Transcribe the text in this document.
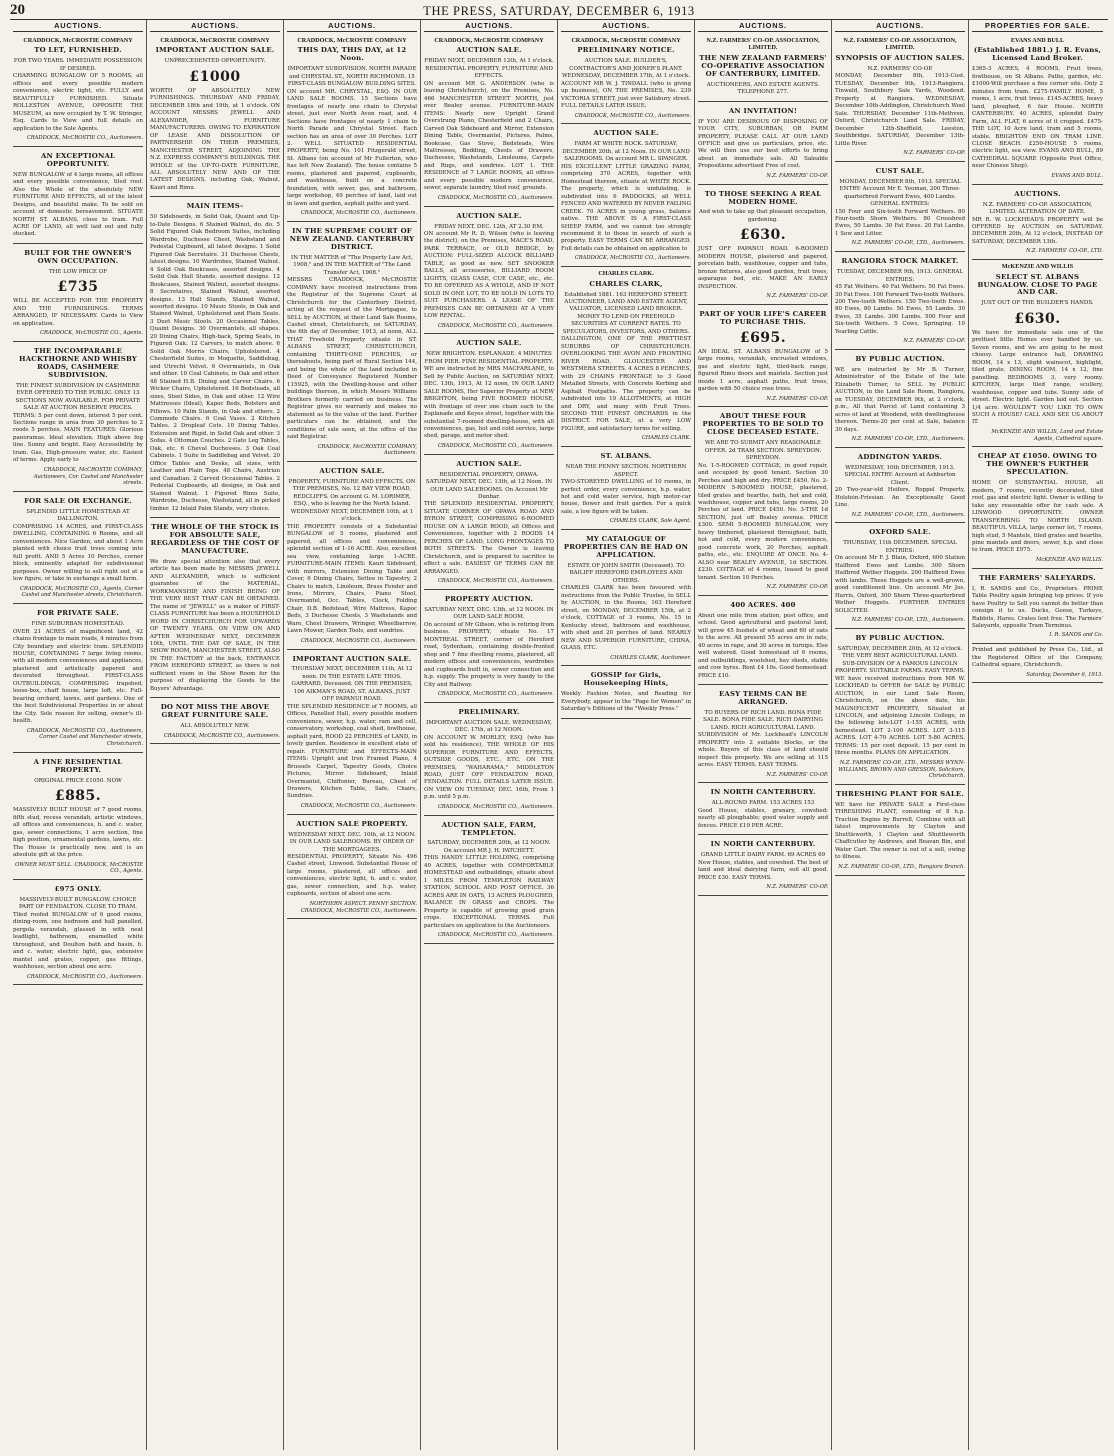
20	THE PRESS, SATURDAY, DECEMBER 6, 1913
AUCTIONS.
CRADDOCK, McCROSTIE COMPANY
TO LET, FURNISHED.
FOR TWO YEARS. IMMEDIATE POSSESSION IF DESIRED.
CHARMING BUNGALOW OF 5 ROOMS, all offices and every possible modern convenience, electric light, etc. FULLY and BEAUTIFULLY FURNISHED. Situate ROLLESTON AVENUE, OPPOSITE THE MUSEUM, as now occupied by T. W. Stringer, Esq. Cards to View and full details on application to the Sole Agents.
CRADDOCK, McCROSTIE CO., Auctioneers.
AN EXCEPTIONAL OPPORTUNITY.
NEW BUNGALOW of 4 large rooms, all offices and every possible convenience, tiled roof. Also the Whole of the absolutely NEW FURNITURE AND EFFECTS, all of the latest Designs, and beautiful make. To be sold on account of domestic bereavement. SITUATE NORTH ST. ALBANS, close to tram. Full ACRE OF LAND, all well laid out and fully stocked.
BUILT FOR THE OWNER'S OWN OCCUPATION.
THE LOW PRICE OF
£735
WILL BE ACCEPTED FOR THE PROPERTY AND THE FURNISHINGS. TERMS ARRANGED, IF NECESSARY. Cards to View on application.
CRADDOCK, McCROSTIE CO., Agents.
THE INCOMPARABLE HACKTHORNE AND WHISBY ROADS, CASHMERE SUBDIVISION.
THE FINEST SUBDIVISION IN CASHMERE EVER OFFERED TO THE PUBLIC. ONLY 13 SECTIONS NOW AVAILABLE. FOR PRIVATE SALE AT AUCTION RESERVE PRICES.
TERMS: 5 per cent down, interest 5 per cent. Sections range in area from 30 perches to 2 roods 5 perches. MAIN FEATURES: Glorious panoramas. Ideal elevation. High above fog line. Sunny and bright. Easy Accessibility by tram. Gas, High-pressure water, etc. Easiest of terms. Apply early to
CRADDOCK, McCROSTIE COMPANY, Auctioneers, Cor. Cashel and Manchester streets.
FOR SALE OR EXCHANGE.
SPLENDID LITTLE HOMESTEAD AT DALLINGTON.
COMPRISING 14 ACRES, and FIRST-CLASS DWELLING, CONTAINING 6 Rooms, and all conveniences. Nice Garden, and about 1 Acre planted with choice fruit trees coming into full profit. AND 5 Acres 10 Perches, corner block, eminently adapted for subdivisional purposes. Owner willing to sell right out at a low figure, or take in exchange a small farm.
CRADDOCK, McCROSTIE CO., Agents, Corner Cashel and Manchester streets, Christchurch.
FOR PRIVATE SALE.
FINE SUBURBAN HOMESTEAD.
OVER 21 ACRES of magnificent land, 42 chains frontage to main roads, 4 minutes from City boundary and electric tram. SPLENDID HOUSE, CONTAINING 7 large living rooms, with all modern conveniences and appliances, plastered and artistically papered and decorated throughout. FIRST-CLASS OUTBUILDINGS, COMPRISING trapshed, loose-box, chaff house, large loft, etc. Full-bearing orchard, lawns, and gardens. One of the best Subdivisional Properties in or about the City. Sole reason for selling, owner's ill-health.
CRADDOCK, McCROSTIE CO., Auctioneers, Corner Cashel and Manchester streets, Christchurch.
A FINE RESIDENTIAL PROPERTY.
ORIGINAL PRICE £1050. NOW
£885.
MASSIVELY BUILT HOUSE of 7 good rooms, fifth stud, recess verandah, artistic windows, all offices and conveniences, h. and c. water, gas, sewer connections, 1 acre section, fine high position, ornamental gardens, lawns, etc. The House is practically new, and is an absolute gift at the price.
OWNER MUST SELL. CRADDOCK, McCROSTIE CO., Agents.
£975 ONLY.
MASSIVELY-BUILT BUNGALOW. CHOICE PART OF FENDALTON. CLOSE TO TRAM.
Tiled roofed BUNGALOW of 6 good rooms, dining-room, one bedroom and hall panelled, pergola verandah, glassed in with neat leadlight, bathroom, enamelled white throughout, and Doulton bath and basin, h. and c. water, electric light, gas, extensive mantel and grates, copper, gas fittings, washhouse, section about one acre.
CRADDOCK, McCROSTIE CO., Auctioneers.
AUCTIONS.
CRADDOCK, McCROSTIE COMPANY
IMPORTANT AUCTION SALE.
UNPRECEDENTED OPPORTUNITY.
£1000
WORTH OF ABSOLUTELY NEW FURNISHINGS. THURSDAY AND FRIDAY, DECEMBER 18th and 19th, at 1 o'clock. ON ACCOUNT MESSRS JEWELL AND ALEXANDER, FURNITURE MANUFACTURERS. OWING TO EXPIRATION OF LEASE AND DISSOLUTION OF PARTNERSHIP. ON THEIR PREMISES, MANCHESTER STREET, ADJOINING THE N.Z. EXPRESS COMPANY'S BUILDINGS. THE WHOLE of the UP-TO-DATE FURNITURE, ALL ABSOLUTELY NEW AND OF THE LATEST DESIGNS, including Oak, Walnut, Kauri and Rimu.
MAIN ITEMS-
50 Sideboards, in Solid Oak, Quaint and Up-to-Date Designs. 6 Stained Walnut, do. do. 5 Solid Figured Oak Bedroom Suites, including Wardrobe, Duchesse Chest, Washstand and Pedestal Cupboard, all latest designs. 1 Solid Figured Oak Secretaire. 31 Duchesse Chests, latest designs. 10 Wardrobes, Stained Walnut. 4 Solid Oak Bookcases, assorted designs. 4 Solid Oak Hall Stands, assorted designs. 12 Bookcases, Stained Walnut, assorted designs. 8 Secretaires, Stained Walnut, assorted designs. 13 Hall Stands, Stained Walnut, assorted designs. 10 Music Stools, in Oak and Stained Walnut, Upholstered and Plain Seats. 3 Duet Music Stools. 20 Occasional Tables, Quaint Designs. 30 Overmantels, all shapes. 20 Dining Chairs, High-back, Spring Seats, in Figured Oak. 12 Carvers, to match above. 6 Solid Oak Morris Chairs, Upholstered. 4 Chesterfield Suites, in Moquette, Saddlebag, and Utrecht Velvet. 6 Overmantels, in Oak and other. 10 Coal Cabinets, in Oak and other. 48 Stained H.B. Dining and Carver Chairs. 6 Wicker Chairs, Upholstered. 16 Bedsteads, all sizes, Steel Sides, in Oak and other. 12 Wire Mattresses (Ideal), Kapoc Beds, Bolsters and Pillows. 10 Palm Stands, in Oak and others. 2 Commode Chairs. 6 Coal Vases. 2 Kitchen Tables. 2 Dropleaf Cots. 10 Dining Tables, Extension and Rigid, in Solid Oak and other. 3 Sofas. 4 Ottoman Couches. 2 Gate Leg Tables, Oak, etc. 6 Cheval Duchesses. 3 Oak Coal Cabinets. 1 Suite in Saddlebag and Velvet. 20 Office Tables and Desks, all sizes, with Leather and Plain Tops. 48 Chairs, Austrian and Canadian. 2 Carved Occasional Tables. 2 Pedestal Cupboards, all designs, in Oak and Stained Walnut. 1 Figured Rimu Suite, Wardrobe, Duchesse, Washstand, all in picked timber. 12 Inlaid Palm Stands, very choice.
THE WHOLE OF THE STOCK IS FOR ABSOLUTE SALE, REGARDLESS OF THE COST OF MANUFACTURE.
We draw special attention also that every article has been made by MESSRS JEWELL AND ALEXANDER, which is sufficient guarantee of the MATERIAL, WORKMANSHIP, AND FINISH BEING OF THE VERY BEST THAT CAN BE OBTAINED. The name of "JEWELL" as a maker of FIRST-CLASS FURNITURE has been a HOUSEHOLD WORD IN CHRISTCHURCH FOR UPWARDS OF TWENTY YEARS. ON VIEW ON AND AFTER WEDNESDAY NEXT, DECEMBER 10th, UNTIL THE DAY OF SALE, IN THE SHOW ROOM, MANCHESTER STREET, ALSO IN THE FACTORY at the back, ENTRANCE FROM HEREFORD STREET, as there is not sufficient room in the Show Room for the purpose of displaying the Goods to the Buyers' Advantage.
DO NOT MISS THE ABOVE GREAT FURNITURE SALE.
ALL ABSOLUTELY NEW.
CRADDOCK, McCROSTIE CO., Auctioneers.
AUCTIONS.
CRADDOCK, McCROSTIE COMPANY
THIS DAY, THIS DAY, at 12 Noon.
IMPORTANT SUBDIVISION. NORTH PARADE and CHRYSTAL ST., NORTH RICHMOND. 15 FIRST-CLASS BUNGALOW BUILDING SITES.
ON account MR. CHRYSTAL, ESQ. IN OUR LAND SALE ROOMS. 15 Sections have frontages of nearly one chain to Chrystal street, just over North Avon road, and. 4 Sections have frontages of nearly 1 chain to North Parade and Chrystal Street. Each section has an area of over 30 Perches. LOT 2. WELL SITUATED RESIDENTIAL PROPERTY, being No. 101 Fitzgerald street, St. Albans (on account of Mr Fullerton, who has left New Zealand). The house contains 5 rooms, plastered and papered, cupboards, and washhouse, built on a concrete foundation, with sewer, gas, and bathroom, large workshop, 49 perches of land, laid out in lawn and garden, asphalt paths and yard.
CRADDOCK, McCROSTIE CO., Auctioneers.
IN THE SUPREME COURT OF NEW ZEALAND. CANTERBURY DISTRICT.
IN THE MATTER of "The Property Law Act, 1908," and IN THE MATTER of "The Land Transfer Act, 1908."
MESSRS CRADDOCK, McCROSTIE COMPANY have received instructions from the Registrar of the Supreme Court at Christchurch for the Canterbury District, acting at the request of the Mortgagee, to SELL by AUCTION, at their Land Sale Rooms, Cashel street, Christchurch, on SATURDAY, the 6th day of December, 1913, at noon, ALL THAT Freehold Property situate in ST. ALBANS STREET, CHRISTCHURCH, containing THIRTY-ONE PERCHES, or thereabouts, being part of Rural Section 144, and being the whole of the land included in Deed of Conveyance Registered Number 115925, with the Dwelling-house and other buildings thereon, in which Messrs Williams Brothers formerly carried on business. The Registrar gives no warranty and makes no statement as to the value of the land. Further particulars can be obtained, and the conditions of sale seen, at the office of the said Registrar.
CRADDOCK, McCROSTIE COMPANY, Auctioneers.
AUCTION SALE.
PROPERTY, FURNITURE AND EFFECTS, ON THE PREMISES, No. 12 BAY VIEW ROAD, REDCLIFFS. On account G. M. LORIMER, ESQ., who is leaving for the North Island. WEDNESDAY NEXT, DECEMBER 10th, at 1 o'clock.
THE PROPERTY consists of a Substantial BUNGALOW of 5 rooms, plastered and papered, all offices and conveniences, splendid section of 1-16 ACRE. Also, excellent sea view, containing large 1-ACRE. FURNITURE-MAIN ITEMS: Kauri Sideboard, with mirrors, Extension Dining Table and Cover, 6 Dining Chairs, Settee in Tapestry, 2 Chairs to match, Linoleum, Brass Fender and Irons, Mirrors, Chairs, Piano Stool, Overmantel, Occ. Tables, Clock, Folding Chair, D.B. Bedstead, Wire Mattress, Kapoc Beds, 3 Duchesse Chests, 3 Washstands and Ware, Chest Drawers, Wringer, Wheelbarrow, Lawn Mower, Garden Tools, and sundries.
CRADDOCK, McCROSTIE CO., Auctioneers.
IMPORTANT AUCTION SALE.
THURSDAY NEXT, DECEMBER 11th, At 12 noon. IN THE ESTATE LATE THOS. GARRARD, Deceased. ON THE PREMISES, 106 AIKMAN'S ROAD, ST. ALBANS, JUST OFF PAPANUI ROAD.
THE SPLENDID RESIDENCE of 7 ROOMS, all Offices, Panelled Hall, every possible modern convenience, sewer, h.p. water, ram and cell, conservatory, workshop, coal shed, fowlhouse, asphalt yard, ROOD 22 PERCHES of LAND, in lovely garden. Residence in excellent state of repair. FURNITURE and EFFECTS-MAIN ITEMS: Upright and Iron Framed Piano, 4 Brussels Carpet, Tapestry Goods, Choice Pictures, Mirror Sideboard, Inlaid Overmantel, Chiffonier, Bureau, Chest of Drawers, Kitchen Table, Safe, Chairs, Sundries.
CRADDOCK, McCROSTIE CO., Auctioneers.
AUCTION SALE PROPERTY.
WEDNESDAY NEXT, DEC. 10th, at 12 NOON. IN OUR LAND SALEROOMS. BY ORDER OF THE MORTGAGEES.
RESIDENTIAL PROPERTY, Situate No. 496 Cashel street, Linwood. Substantial House of large rooms, plastered, all offices and conveniences, electric light, h. and c. water, gas, sewer connection, and h.p. water, cupboards, section of about one acre.
NORTHERN ASPECT. PENNY SECTION. CRADDOCK, McCROSTIE CO., Auctioneers.
AUCTIONS.
CRADDOCK, McCROSTIE COMPANY
AUCTION SALE.
FRIDAY NEXT, DECEMBER 12th, At 1 o'clock. RESIDENTIAL PROPERTY, FURNITURE AND EFFECTS.
ON account MR G. ANDERSON (who is leaving Christchurch), on the Premises, No. 466 MANCHESTER STREET NORTH, just over Bealey avenue. FURNITURE-MAIN ITEMS: Nearly new Upright Grand Overstrung Piano, Chesterfield and 2 Chairs, Carved Oak Sideboard and Mirror, Extension Dining Table, Overmantel, Pictures, Palms, Bookcase, Gas Stove, Bedsteads, Wire Mattresses, Bedding, Chests of Drawers, Duchesses, Washstands, Linoleums, Carpets and Rugs, and sundries. LOT 1. THE RESIDENCE of 7 LARGE ROOMS, all offices and every possible modern convenience, sewer, separate laundry, tiled roof, grounds.
CRADDOCK, McCROSTIE CO., Auctioneers.
AUCTION SALE.
FRIDAY NEXT, DEC. 12th, AT 2.30 P.M.
ON account Mr R. D. Wilson (who is leaving the district), on the Premises, MACE'S ROAD, PARK TERRACE, or OLD BRIDGE, by AUCTION: FULL-SIZED ALCOCK BILLIARD TABLE, as good as new. SET SNOOKER BALLS, all accessories, BILLIARD ROOM LIGHTS, GLASS CASE, CUE CASE, etc., etc. TO BE OFFERED AS A WHOLE, AND IF NOT SOLD IN ONE LOT, TO BE SOLD IN LOTS TO SUIT PURCHASERS. A LEASE OF THE PREMISES CAN BE OBTAINED AT A VERY LOW RENTAL.
CRADDOCK, McCROSTIE CO., Auctioneers.
AUCTION SALE.
NEW BRIGHTON. ESPLANADE. 4 MINUTES FROM PIER. FINE RESIDENTIAL PROPERTY.
WE are instructed by MRS MACFARLANE, to Sell by Public Auction, on SATURDAY NEXT, DEC. 13th, 1913, At 12 noon, IN OUR LAND SALE ROOMS, Her Superior Property at NEW BRIGHTON, being FIVE ROOMED HOUSE, with frontage of over one chain each to the Esplanade and Keyes street, together with the substantial 7-roomed dwelling-house, with all conveniences, gas, hot and cold service, large shed, garage, and motor shed.
CRADDOCK, McCROSTIE CO., Auctioneers.
AUCTION SALE.
RESIDENTIAL PROPERTY, OPAWA. SATURDAY NEXT, DEC. 13th, at 12 Noon. IN OUR LAND SALEROOMS. On Account Mr Dunbar.
THE SPLENDID RESIDENTIAL PROPERTY, SITUATE CORNER OF OPAWA ROAD AND BYRON STREET, COMPRISING 6-ROOMED HOUSE ON A LARGE ROOD, all Offices and Conveniences, together with 2 ROODS 14 PERCHES OF LAND, LONG FRONTAGES TO BOTH STREETS. The Owner is leaving Christchurch, and is prepared to sacrifice to effect a sale. EASIEST OF TERMS CAN BE ARRANGED.
CRADDOCK, McCROSTIE CO., Auctioneers.
PROPERTY AUCTION.
SATURDAY NEXT, DEC. 13th, at 12 NOON. IN OUR LAND SALE ROOM.
On account of Mr Gibson, who is retiring from business. PROPERTY, situate No. 17 MONTREAL STREET, corner of Hereford road, Sydenham, containing double-fronted shop and 7 fine dwelling rooms, plastered, all modern offices and conveniences, wardrobes and cupboards built in, sewer connection and h.p. supply. The property is very handy to the City and Railway.
CRADDOCK, McCROSTIE CO., Auctioneers.
PRELIMINARY.
IMPORTANT AUCTION SALE. WEDNESDAY, DEC. 17th, at 12 NOON.
ON ACCOUNT W. MORLEY, ESQ. (who has sold his residence), THE WHOLE OF HIS SUPERIOR FURNITURE AND EFFECTS, OUTSIDE GOODS, ETC., ETC. ON THE PREMISES, "WAHARAMA," MIDDLETON ROAD, JUST OFF FENDALTON ROAD, FENDALTON. FULL DETAILS LATER ISSUE. ON VIEW ON TUESDAY, DEC. 16th, From 1 p.m. until 5 p.m.
CRADDOCK, McCROSTIE CO., Auctioneers.
AUCTION SALE, FARM, TEMPLETON.
SATURDAY, DECEMBER 20th, at 12 NOON. On account MR J. H. PATCHETT.
THIS HANDY LITTLE HOLDING, comprising 40 ACRES, together with COMFORTABLE HOMESTEAD and outbuildings, situate about 1 MILES FROM TEMPLETON RAILWAY STATION, SCHOOL AND POST OFFICE. 36 ACRES ARE IN OATS, 13 ACRES PLOUGHED, BALANCE IN GRASS and CROPS. The Property is capable of growing good grain crops. EXCEPTIONAL TERMS. Full particulars on application to the Auctioneers.
CRADDOCK, McCROSTIE CO., Auctioneers.
AUCTIONS.
CRADDOCK, McCROSTIE COMPANY
PRELIMINARY NOTICE.
AUCTION SALE. BUILDER'S, CONTRACTOR'S AND JOINER'S PLANT. WEDNESDAY, DECEMBER 17th, At 1 o'clock.
ACCOUNT MR W. J. TINDALL (who is giving up business), ON THE PREMISES, No. 239 VICTORIA STREET, just over Salisbury street. FULL DETAILS LATER ISSUE.
CRADDOCK, McCROSTIE CO., Auctioneers.
AUCTION SALE.
FARM AT WHITE ROCK. SATURDAY, DECEMBER 20th, at 12 Noon. IN OUR LAND SALEROOMS. On account MR L. SPANGER.
HIS EXCELLENT LITTLE GRAZING FARM, comprising 370 ACRES, together with Homestead thereon, situate at WHITE ROCK. The property, which is undulating, is subdivided into 6 PADDOCKS, all WELL FENCED AND WATERED BY NEVER FAILING CREEK. 70 ACRES in young grass, balance native. THE ABOVE IS A FIRST-CLASS SHEEP FARM, and we cannot too strongly recommend it to those in search of such a property. EASY TERMS CAN BE ARRANGED. Full details can be obtained on application to
CRADDOCK, McCROSTIE CO., Auctioneers.
CHARLES CLARK.
CHARLES CLARK,
Established 1881. 163 HEREFORD STREET. AUCTIONEER, LAND AND ESTATE AGENT, VALUATOR, LICENSED LAND BROKER. MONEY TO LEND ON FREEHOLD SECURITIES AT CURRENT RATES. TO SPECULATORS, INVESTORS, AND OTHERS.
DALLINGTON, ONE OF THE PRETTIEST SUBURBS OF CHRISTCHURCH. OVERLOOKING THE AVON AND FRONTING RIVER ROAD, GLOUCESTER AND WESTMERA STREETS. 4 ACRES 8 PERCHES, with 29 CHAINS FRONTAGE to 3 Good Metalled Streets, with Concrete Kerbing and Asphalt Footpaths. The property can be subdivided into 19 ALLOTMENTS, at HIGH and DRY, and many with Fruit Trees. SECOND THE FINEST ORCHARDS in the DISTRICT. FOR SALE, at a very LOW FIGURE, and satisfactory terms for selling.
CHARLES CLARK.
ST. ALBANS.
NEAR THE PENNY SECTION. NORTHERN ASPECT.
TWO-STOREYED DWELLING of 10 rooms, in perfect order, every convenience, h.p. water, hot and cold water service, high motor-car house, flower and fruit garden. For a quick sale, a low figure will be taken.
CHARLES CLARK, Sole Agent.
MY CATALOGUE OF PROPERTIES CAN BE HAD ON APPLICATION.
ESTATE OF JOHN SMITH (Deceased). TO BAILIFF HEREFORD EMPLOYEES AND OTHERS.
CHARLES CLARK has been favoured with instructions from the Public Trustee, to SELL by AUCTION, in the Rooms, 163 Hereford street, on MONDAY, DECEMBER 15th, at 2 o'clock, COTTAGE of 3 rooms, No. 15 in Kentucky street, bathroom and washhouse, with shed and 20 perches of land. NEARLY NEW AND SUPERIOR FURNITURE, CHINA, GLASS, ETC.
CHARLES CLARK, Auctioneer.
GOSSIP for Girls, Housekeeping Hints,
Weekly Fashion Notes, and Reading for Everybody, appear in the "Page for Women" in Saturday's Editions of the "Weekly Press."
AUCTIONS.
N.Z. FARMERS' CO-OP. ASSOCIATION, LIMITED.
THE NEW ZEALAND FARMERS' CO-OPERATIVE ASSOCIATION OF CANTERBURY, LIMITED.
AUCTIONEERS, AND ESTATE AGENTS. TELEPHONE 277.
AN INVITATION!
IF YOU ARE DESIROUS OF DISPOSING OF YOUR CITY, SUBURBAN, OR FARM PROPERTY, PLEASE CALL AT OUR LAND OFFICE and give us particulars, price, etc. We will then use our best efforts to bring about an immediate sale. All Saleable Propositions advertised Free of cost.
N.Z. FARMERS' CO-OP.
TO THOSE SEEKING A REAL MODERN HOME.
And wish to take up that pleasant occupation, gardening.
£630.
JUST OFF PAPANUI ROAD. 6-ROOMED MODERN HOUSE, plastered and papered, porcelain bath, washhouse, copper and tubs, bronze fixtures, also good garden, fruit trees, asparagus bed, etc. MAKE AN EARLY INSPECTION.
N.Z. FARMERS' CO-OP.
PART OF YOUR LIFE'S CAREER TO PURCHASE THIS.
£695.
AN IDEAL ST. ALBANS BUNGALOW of 5 large rooms, verandah, encrusted windows, gas and electric light, tiled-back range, figured Rimu doors and mantels. Section just inside 1 acre, asphalt paths, fruit trees, garden with 50 choice rose trees.
N.Z. FARMERS' CO-OP.
ABOUT THESE FOUR PROPERTIES TO BE SOLD TO CLOSE DECEASED ESTATE.
WE ARE TO SUBMIT ANY REASONABLE OFFER. 2d TRAM SECTION. SPREYDON. SPREYDON.
No. 1-5-ROOMED COTTAGE, in good repair, and occupied by good tenant. Section 30 Perches and high and dry. PRICE £450. No. 2-MODERN 5-ROOMED HOUSE, plastered, tiled grates and hearths, bath, hot and cold, washhouse, copper and tubs, large rooms, 20 Perches of land. PRICE £450. No. 3-THE 1d SECTION, just off Bealey avenue. PRICE £300. SEMI 5-ROOMED BUNGALOW, very heavy timbered, plastered throughout, bath, hot and cold, every modern convenience, good concrete work, 20 Perches, asphalt paths, etc., etc. ENQUIRE AT ONCE. No. 4-ALSO near BEALEY AVENUE, 1d SECTION. £230. COTTAGE of 4 rooms, leased to good tenant. Section 10 Perches.
N.Z. FARMERS' CO-OP.
400 ACRES. 400
About one mile from station, post office, and school. Good agricultural and pastoral land, will grow 45 bushels of wheat and 60 of oats to the acre. All present 55 acres are in oats, 40 acres in rape, and 30 acres in turnips. Else well watered. Good homestead of 6 rooms, and outbuildings, woolshed, hay sheds, stable and cow byres. Rent £4 10s. Good homestead. PRICE £10.
EASY TERMS CAN BE ARRANGED.
TO BUYERS OF RICH LAND. BONA FIDE SALE. BONA FIDE SALE. RICH DAIRYING LAND. RICH AGRICULTURAL LAND.
SUBDIVISION of Mr. Lockhead's LINCOLN PROPERTY into 2 suitable blocks, or the whole. Buyers of this class of land should inspect this property. We are selling at 115 acres. EASY TERMS. EASY TERMS.
N.Z. FARMERS' CO-OP.
IN NORTH CANTERBURY.
ALL-ROUND FARM. 153 ACRES 153
Good House, stables, granary, cowshed; nearly all ploughable; good water supply and fences. PRICE £19 PER ACRE.
IN NORTH CANTERBURY.
GRAND LITTLE DAIRY FARM. 69 ACRES 69
New House, stables, and cowshed. The best of land and ideal dairying farm, soil all good. PRICE £30. EASY TERMS.
N.Z. FARMERS' CO-OP.
AUCTIONS.
N.Z. FARMERS' CO-OP. ASSOCIATION, LIMITED.
SYNOPSIS OF AUCTION SALES.
N.Z. FARMERS' CO-OP.
MONDAY, December 8th, 1913-Cust. TUESDAY, December 9th, 1913-Rangiora, Tinwald, Southbury Sale Yards, Woodend. Property at Rangiora. WEDNESDAY, December 10th-Addington, Christchurch Wool Sale. THURSDAY, December 11th-Methven, Oxford, Christchurch Land Sale. FRIDAY, December 12th-Sheffield, Leeston, Southbridge. SATURDAY, December 13th-Little River.
N.Z. FARMERS' CO-OP.
CUST SALE.
MONDAY, DECEMBER 8th, 1913. SPECIAL ENTRY: Account Mr E. Yeoman, 200 Three-quarterbred Forward Ewes, 400 Lambs. GENERAL ENTRIES:
150 Four and Six-tooth Forward Wethers. 80 Four-tooth Shorn Wethers. 80 Crossbred Ewes, 50 Lambs. 30 Fat Ewes. 20 Fat Lambs. 1 Sow and Litter.
N.Z. FARMERS' CO-OP., LTD., Auctioneers.
RANGIORA STOCK MARKET.
TUESDAY, DECEMBER 9th, 1913. GENERAL ENTRIES:
45 Fat Wethers. 40 Fat Wethers. 50 Fat Ewes. 30 Fat Ewes. 100 Forward Two-tooth Wethers. 200 Two-tooth Wethers. 150 Two-tooth Ewes. 80 Ewes, 80 Lambs. 50 Ewes, 55 Lambs. 30 Ewes, 35 Lambs. 300 Lambs. 500 Four and Six-tooth Wethers. 5 Cows, Springing. 10 Yearling Cattle.
N.Z. FARMERS' CO-OP.
BY PUBLIC AUCTION.
WE are instructed by Mr B. Turner, Administrator of the Estate of the late Elizabeth Turner, to SELL by PUBLIC AUCTION, in the Land Sale Room, Rangiora, on TUESDAY, DECEMBER 9th, at 2 o'clock, p.m., All that Parcel of Land containing 3 acres of land at Woodend, with dwellinghouse thereon. Terms-20 per cent at Sale, balance 30 days.
N.Z. FARMERS' CO-OP., LTD., Auctioneers.
ADDINGTON YARDS.
WEDNESDAY, 10th DECEMBER, 1913. SPECIAL ENTRY: Account at Ashburton Client.
20 Two-year-old Heifers, Roppel Property, Holstein-Friesian. An Exceptionally Good Line.
N.Z. FARMERS' CO-OP., LTD., Auctioneers.
OXFORD SALE.
THURSDAY, 11th DECEMBER. SPECIAL ENTRIES:
On account Mr F. J. Blain, Oxford, 600 Station Halfbred Ewes and Lambs. 300 Shorn Halfbred Wether Hoggets. 200 Halfbred Ewes with lambs. These Hoggets are a well-grown, good conditioned line. On account Mr Jos. Harris, Oxford, 300 Shorn Three-quarterbred Wether Hoggets. FURTHER ENTRIES SOLICITED.
N.Z. FARMERS' CO-OP., LTD., Auctioneers.
BY PUBLIC AUCTION.
SATURDAY, DECEMBER 20th, At 12 o'clock. THE VERY BEST AGRICULTURAL LAND. SUB-DIVISION OF A FAMOUS LINCOLN PROPERTY. SUITABLE FARMS. EASY TERMS.
WE have received instructions from MR W. LOCKHEAD to OFFER for SALE by PUBLIC AUCTION, in our Land Sale Room, Christchurch, on the above date, his MAGNIFICENT PROPERTY, Situated at LINCOLN, and adjoining Lincoln College, in the following lots-LOT 1-155 ACRES, with homestead. LOT 2-100 ACRES. LOT 3-115 ACRES. LOT 4-70 ACRES. LOT 5-80 ACRES. TERMS: 15 per cent deposit. 15 per cent in three months. PLANS ON APPLICATION.
N.Z. FARMERS' CO-OP., LTD., MESSRS WYNN-WILLIAMS, BROWN AND GRESSON, Solicitors, Christchurch.
THRESHING PLANT FOR SALE.
WE have for PRIVATE SALE a First-class THRESHING PLANT, consisting of 8 h.p. Traction Engine by Burrell, Combine with all latest improvements by Clayton and Shuttleworth, 1 Clayton and Shuttleworth Chaffcutter by Andrews, and Beavan Bin, and Water Cart. The owner is out of a sell, owing to illness.
N.Z. FARMERS' CO-OP., LTD., Rangiora Branch.
PROPERTIES FOR SALE.
EVANS AND BULL
(Established 1881.) J. R. Evans, Licensed Land Broker.
£365-3 ACRES, 4 ROOMS, Fruit trees, fowlhouse, on St Albans. Paths, garden, etc. £1000-Will purchase a fine corner site. Only 2 minutes from tram. £275-FAMILY HOME, 5 rooms, 1 acre, fruit trees. £145-ACRES, heavy land, ploughed, 6 fair House. NORTH CANTERBURY. 40 ACRES, splendid Dairy Farm, ALL FLAT, 6 acres of it cropped. £475-THE LOT, 10 Acre land, tram and 5 rooms, stable. BRIGHTON END ON TRAM LINE. CLOSE BEACH. £250-HOUSE 5 rooms, electric light, sea view. EVANS AND BULL, 89 CATHEDRAL SQUARE (Opposite Post Office, near Chinese Shop).
EVANS AND BULL.
AUCTIONS.
N.Z. FARMERS' CO-OP. ASSOCIATION, LIMITED. ALTERATION OF DATE.
MR R. W. LOCKHEAD'S PROPERTY will be OFFERED by AUCTION on SATURDAY, DECEMBER 20th, At 12 o'clock, INSTEAD OF SATURDAY, DECEMBER 13th.
N.Z. FARMERS' CO-OP., LTD.
McKENZIE AND WILLIS
SELECT ST. ALBANS BUNGALOW. CLOSE TO PAGE AND CAR.
JUST OUT OF THE BUILDER'S HANDS.
£630.
We have for immediate sale one of the prettiest little Homes ever handled by us. Seven rooms, and we are going to be most choosy. Large entrance hall, DRAWING ROOM, 14 x 13, slight wainscot, highlight, tiled grate. DINING ROOM, 14 x 12, fine panelling. BEDROOMS 3, very roomy. KITCHEN, large tiled range, scullery, washhouse, copper and tubs. Sunny side of street. Electric light. Garden laid out. Section 1/4 acre. WOULDN'T YOU LIKE TO OWN SUCH A HOUSE? CALL AND SEE US ABOUT IT.
McKENZIE AND WILLIS, Land and Estate Agents, Cathedral square.
CHEAP AT £1050. OWING TO THE OWNER'S FURTHER SPECULATION.
HOME OF SUBSTANTIAL HOUSE, all modern, 7 rooms, recently decorated, tiled roof, gas and electric light. Owner is willing to take any reasonable offer for cash sale. A LINWOOD OPPORTUNITY. OWNER TRANSFERRING TO NORTH ISLAND. BEAUTIFUL VILLA, large corner lot, 7 rooms, high stud, 5 Mantels, tiled grates and hearths, pine mantels and doors, sewer, h.p. and close to tram. PRICE £975.
McKENZIE AND WILLIS.
THE FARMERS' SALEYARDS.
I, R. SANDS and Co., Proprietors. PRIME Table Poultry again bringing top prices. If you have Poultry to Sell you cannot do better than consign it to us. Ducks, Geese, Turkeys, Rabbits, Hares. Crates lent free. The Farmers' Saleyards, opposite Tram Terminus.
I. R. SANDS and Co.
Printed and published by Press Co., Ltd., at the Registered Office of the Company, Cathedral square, Christchurch.
Saturday, December 6, 1913.
